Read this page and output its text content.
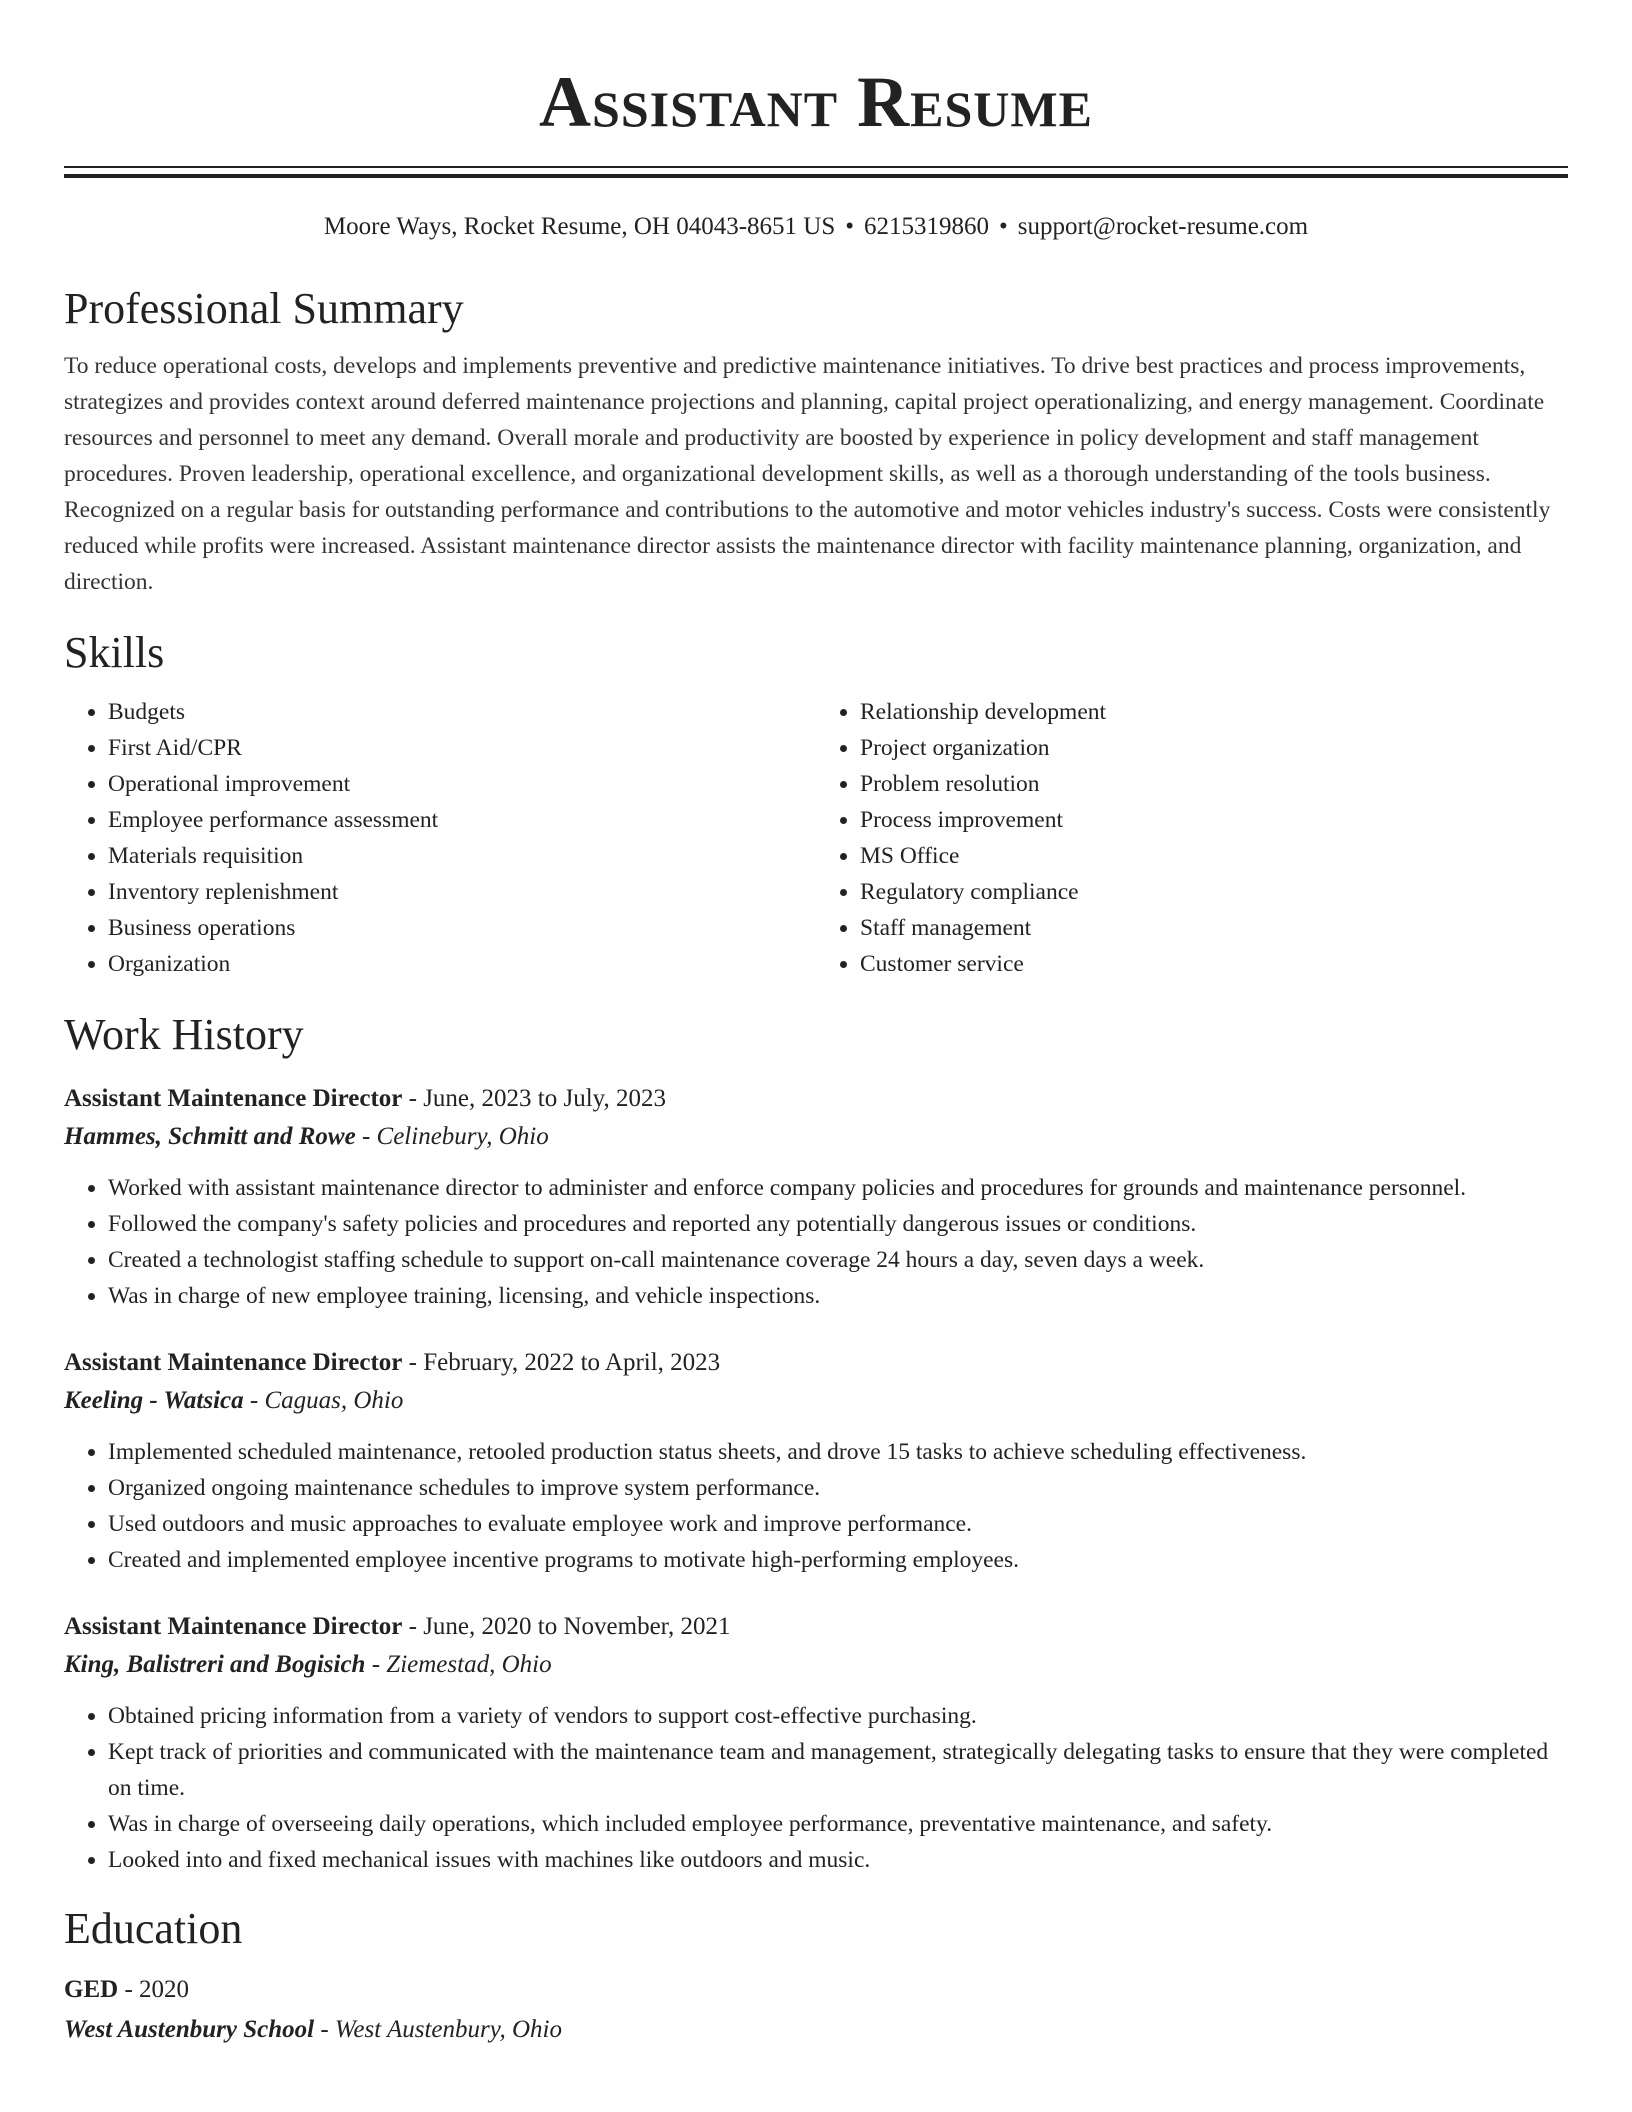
Assistant Resume
Moore Ways, Rocket Resume, OH 04043-8651 US • 6215319860 • support@rocket-resume.com
Professional Summary

To reduce operational costs, develops and implements preventive and predictive maintenance initiatives. To drive best practices and process improvements, strategizes and provides context around deferred maintenance projections and planning, capital project operationalizing, and energy management. Coordinate resources and personnel to meet any demand. Overall morale and productivity are boosted by experience in policy development and staff management procedures. Proven leadership, operational excellence, and organizational development skills, as well as a thorough understanding of the tools business. Recognized on a regular basis for outstanding performance and contributions to the automotive and motor vehicles industry's success. Costs were consistently reduced while profits were increased. Assistant maintenance director assists the maintenance director with facility maintenance planning, organization, and direction.

Skills
• Budgets
• First Aid/CPR
• Operational improvement
• Employee performance assessment
• Materials requisition
• Inventory replenishment
• Business operations
• Organization
• Relationship development
• Project organization
• Problem resolution
• Process improvement
• MS Office
• Regulatory compliance
• Staff management
• Customer service
Work History
Assistant Maintenance Director - June, 2023 to July, 2023
Hammes, Schmitt and Rowe - Celinebury, Ohio
• Worked with assistant maintenance director to administer and enforce company policies and procedures for grounds and maintenance personnel.
• Followed the company's safety policies and procedures and reported any potentially dangerous issues or conditions.
• Created a technologist staffing schedule to support on-call maintenance coverage 24 hours a day, seven days a week.
• Was in charge of new employee training, licensing, and vehicle inspections.
Assistant Maintenance Director - February, 2022 to April, 2023
Keeling - Watsica - Caguas, Ohio
• Implemented scheduled maintenance, retooled production status sheets, and drove 15 tasks to achieve scheduling effectiveness.
• Organized ongoing maintenance schedules to improve system performance.
• Used outdoors and music approaches to evaluate employee work and improve performance.
• Created and implemented employee incentive programs to motivate high-performing employees.
Assistant Maintenance Director - June, 2020 to November, 2021
King, Balistreri and Bogisich - Ziemestad, Ohio
• Obtained pricing information from a variety of vendors to support cost-effective purchasing.
• Kept track of priorities and communicated with the maintenance team and management, strategically delegating tasks to ensure that they were completed on time.
• Was in charge of overseeing daily operations, which included employee performance, preventative maintenance, and safety.
• Looked into and fixed mechanical issues with machines like outdoors and music.
Education
GED - 2020
West Austenbury School - West Austenbury, Ohio
